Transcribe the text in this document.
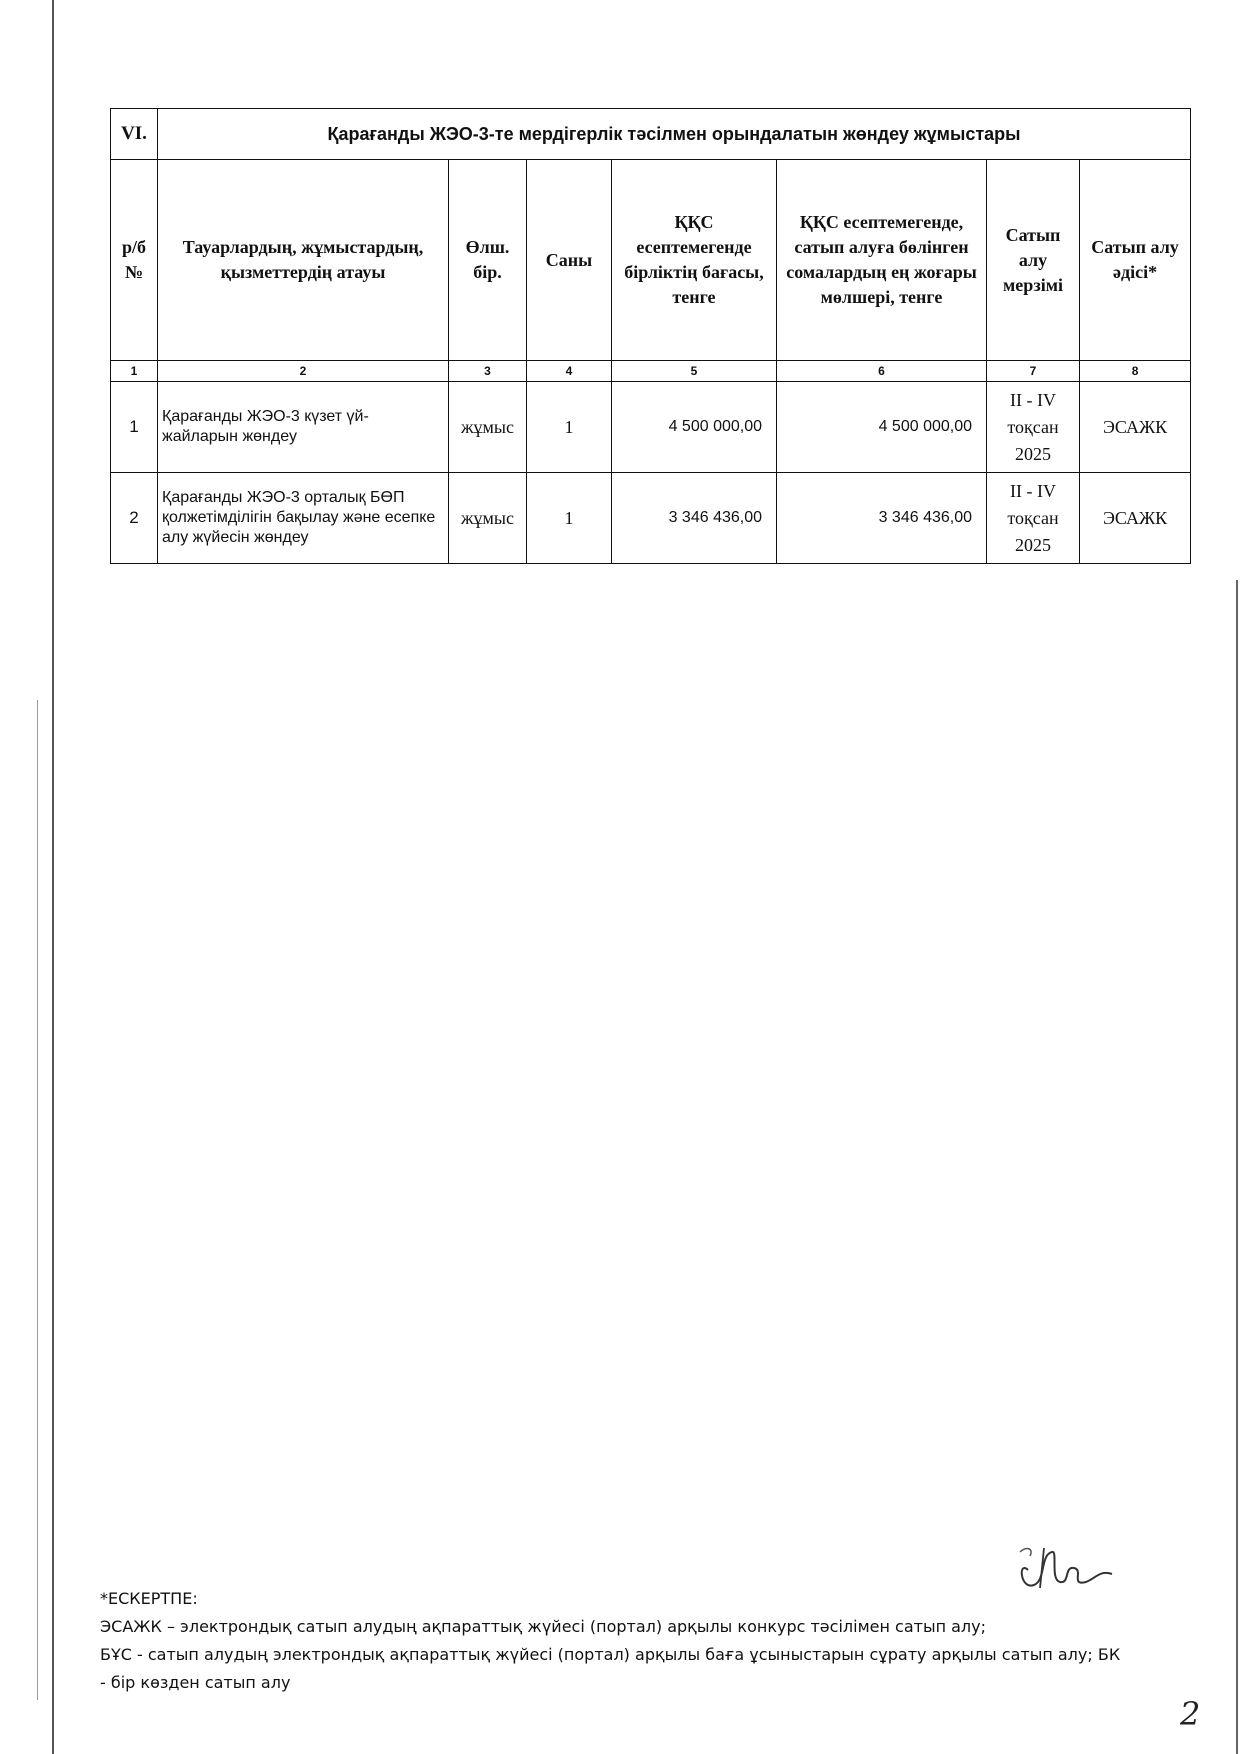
VI.	Қарағанды ЖЭО-3-те мердігерлік тәсілмен орындалатын жөндеу жұмыстары						
р/б №	Тауарлардың, жұмыстардың, қызметтердің атауы	Өлш. бір.	Саны	ҚҚС есептемегенде бірліктің бағасы, тенге	ҚҚС есептемегенде, сатып алуға бөлінген сомалардың ең жоғары мөлшері, тенге	Сатып алу мерзімі	Сатып алу әдісі*
1	2	3	4	5	6	7	8
1	Қарағанды ЖЭО-3 күзет үй-жайларын жөндеу	жұмыс	1	4 500 000,00	4 500 000,00	II - IV тоқсан 2025	ЭСАЖК
2	Қарағанды ЖЭО-3 орталық БӨП қолжетімділігін бақылау және есепке алу жүйесін жөндеу	жұмыс	1	3 346 436,00	3 346 436,00	II - IV тоқсан 2025	ЭСАЖК
*ЕСКЕРТПЕ:
ЭСАЖК – электрондық сатып алудың ақпараттық жүйесі (портал) арқылы конкурс тәсілімен сатып алу;
БҰС - сатып алудың электрондық ақпараттық жүйесі (портал) арқылы баға ұсыныстарын сұрату арқылы сатып алу; БК - бір көзден сатып алу
2
